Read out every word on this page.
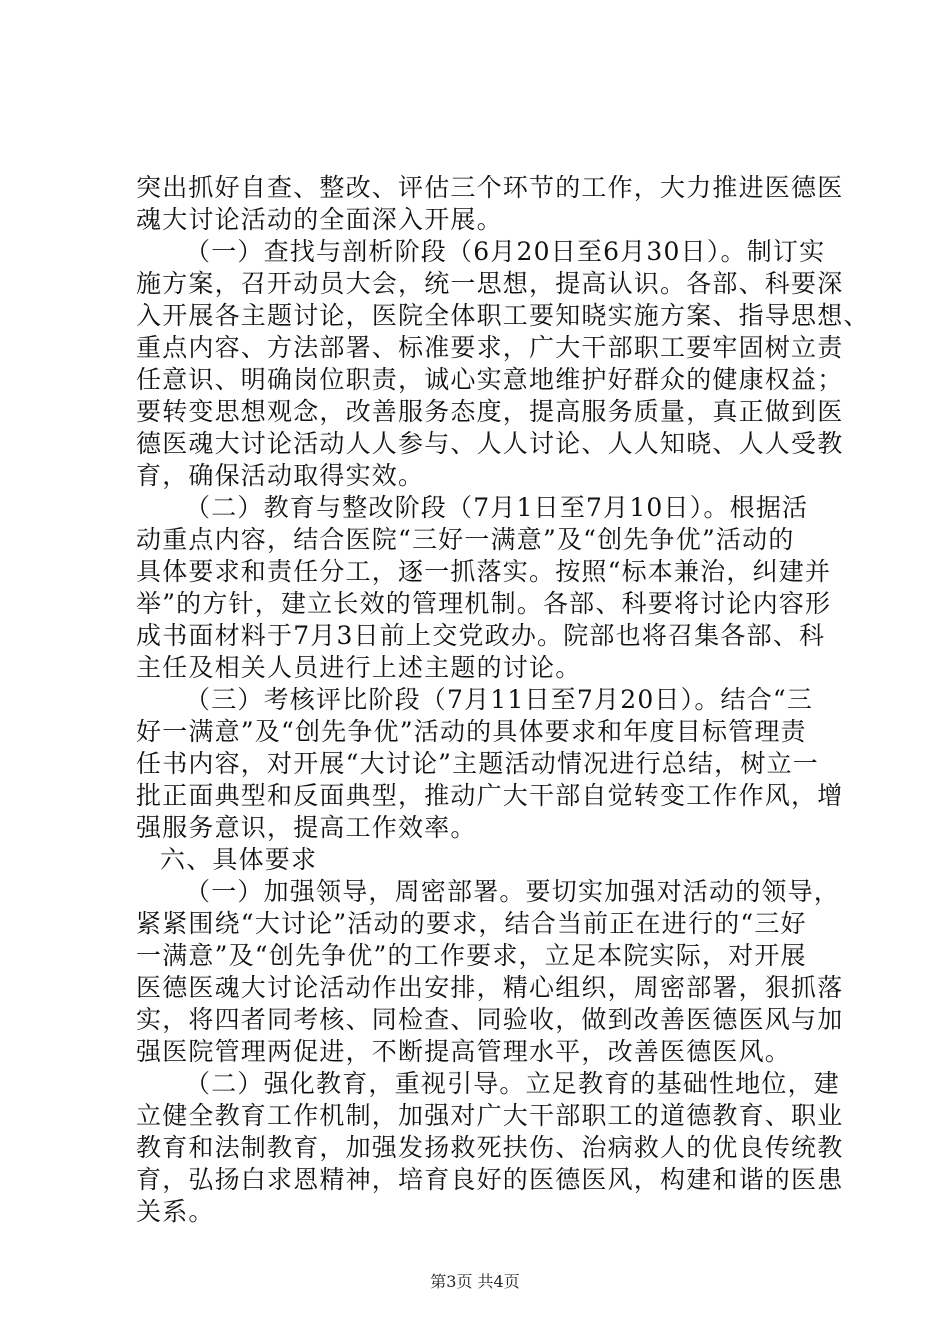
突出抓好自查、整改、评估三个环节的工作，大力推进医德医
魂大讨论活动的全面深入开展。
（一）查找与剖析阶段（6月20日至6月30日）。制订实
施方案，召开动员大会，统一思想，提高认识。各部、科要深
入开展各主题讨论，医院全体职工要知晓实施方案、指导思想、
重点内容、方法部署、标准要求，广大干部职工要牢固树立责
任意识、明确岗位职责，诚心实意地维护好群众的健康权益；
要转变思想观念，改善服务态度，提高服务质量，真正做到医
德医魂大讨论活动人人参与、人人讨论、人人知晓、人人受教
育，确保活动取得实效。
（二）教育与整改阶段（7月1日至7月10日）。根据活
动重点内容，结合医院“三好一满意”及“创先争优”活动的
具体要求和责任分工，逐一抓落实。按照“标本兼治，纠建并
举”的方针，建立长效的管理机制。各部、科要将讨论内容形
成书面材料于7月3日前上交党政办。院部也将召集各部、科
主任及相关人员进行上述主题的讨论。
（三）考核评比阶段（7月11日至7月20日）。结合“三
好一满意”及“创先争优”活动的具体要求和年度目标管理责
任书内容，对开展“大讨论”主题活动情况进行总结，树立一
批正面典型和反面典型，推动广大干部自觉转变工作作风，增
强服务意识，提高工作效率。
六、具体要求
（一）加强领导，周密部署。要切实加强对活动的领导，
紧紧围绕“大讨论”活动的要求，结合当前正在进行的“三好
一满意”及“创先争优”的工作要求，立足本院实际，对开展
医德医魂大讨论活动作出安排，精心组织，周密部署，狠抓落
实，将四者同考核、同检查、同验收，做到改善医德医风与加
强医院管理两促进，不断提高管理水平，改善医德医风。
（二）强化教育，重视引导。立足教育的基础性地位，建
立健全教育工作机制，加强对广大干部职工的道德教育、职业
教育和法制教育，加强发扬救死扶伤、治病救人的优良传统教
育，弘扬白求恩精神，培育良好的医德医风，构建和谐的医患
关系。
第3页 共4页
